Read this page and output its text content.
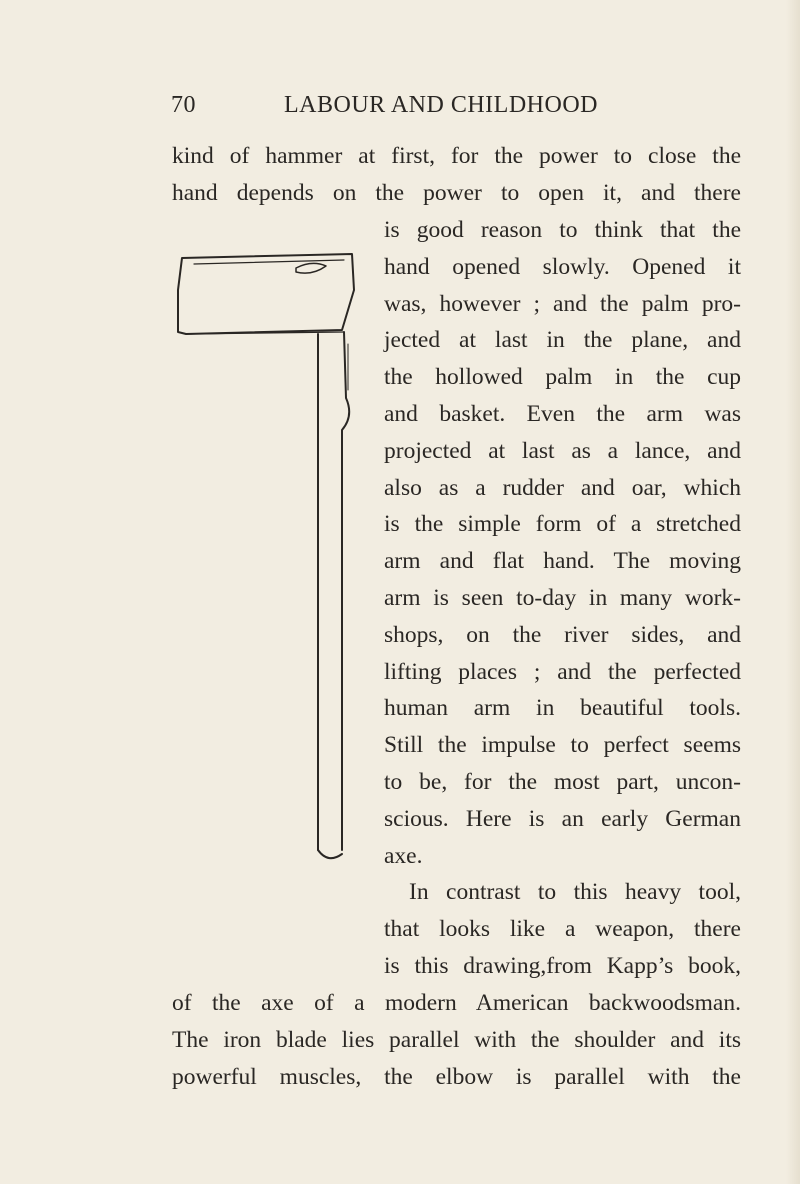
70	LABOUR AND CHILDHOOD
kind of hammer at first, for the power to close the
hand depends on the power to open it, and there
is good reason to think that the
hand opened slowly. Opened it
was, however ; and the palm pro-
jected at last in the plane, and
the hollowed palm in the cup
and basket. Even the arm was
projected at last as a lance, and
also as a rudder and oar, which
is the simple form of a stretched
arm and flat hand. The moving
arm is seen to-day in many work-
shops, on the river sides, and
lifting places ; and the perfected
human arm in beautiful tools.
Still the impulse to perfect seems
to be, for the most part, uncon-
scious. Here is an early German
axe.
In contrast to this heavy tool,
that looks like a weapon, there
is this drawing,from Kapp’s book,
of the axe of a modern American backwoodsman.
The iron blade lies parallel with the shoulder and its
powerful muscles, the elbow is parallel with the
